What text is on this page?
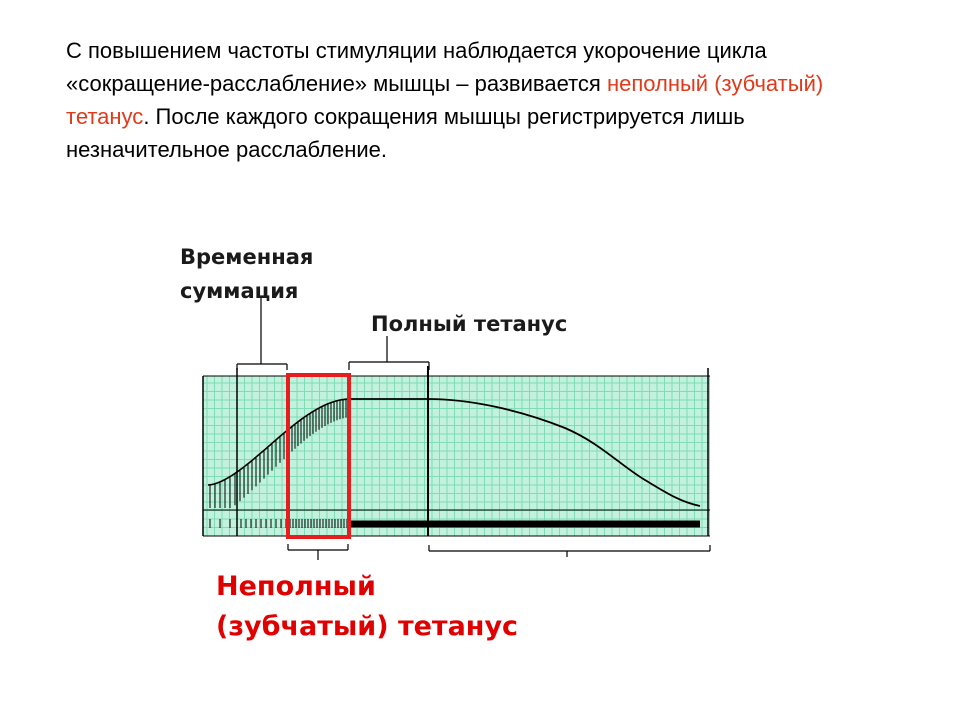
С повышением частоты стимуляции наблюдается укорочение цикла «сокращение-расслабление» мышцы – развивается неполный (зубчатый) тетанус. После каждого сокращения мышцы регистрируется лишь незначительное расслабление.

Временная
суммация
Полный тетанус
Неполный
(зубчатый) тетанус
